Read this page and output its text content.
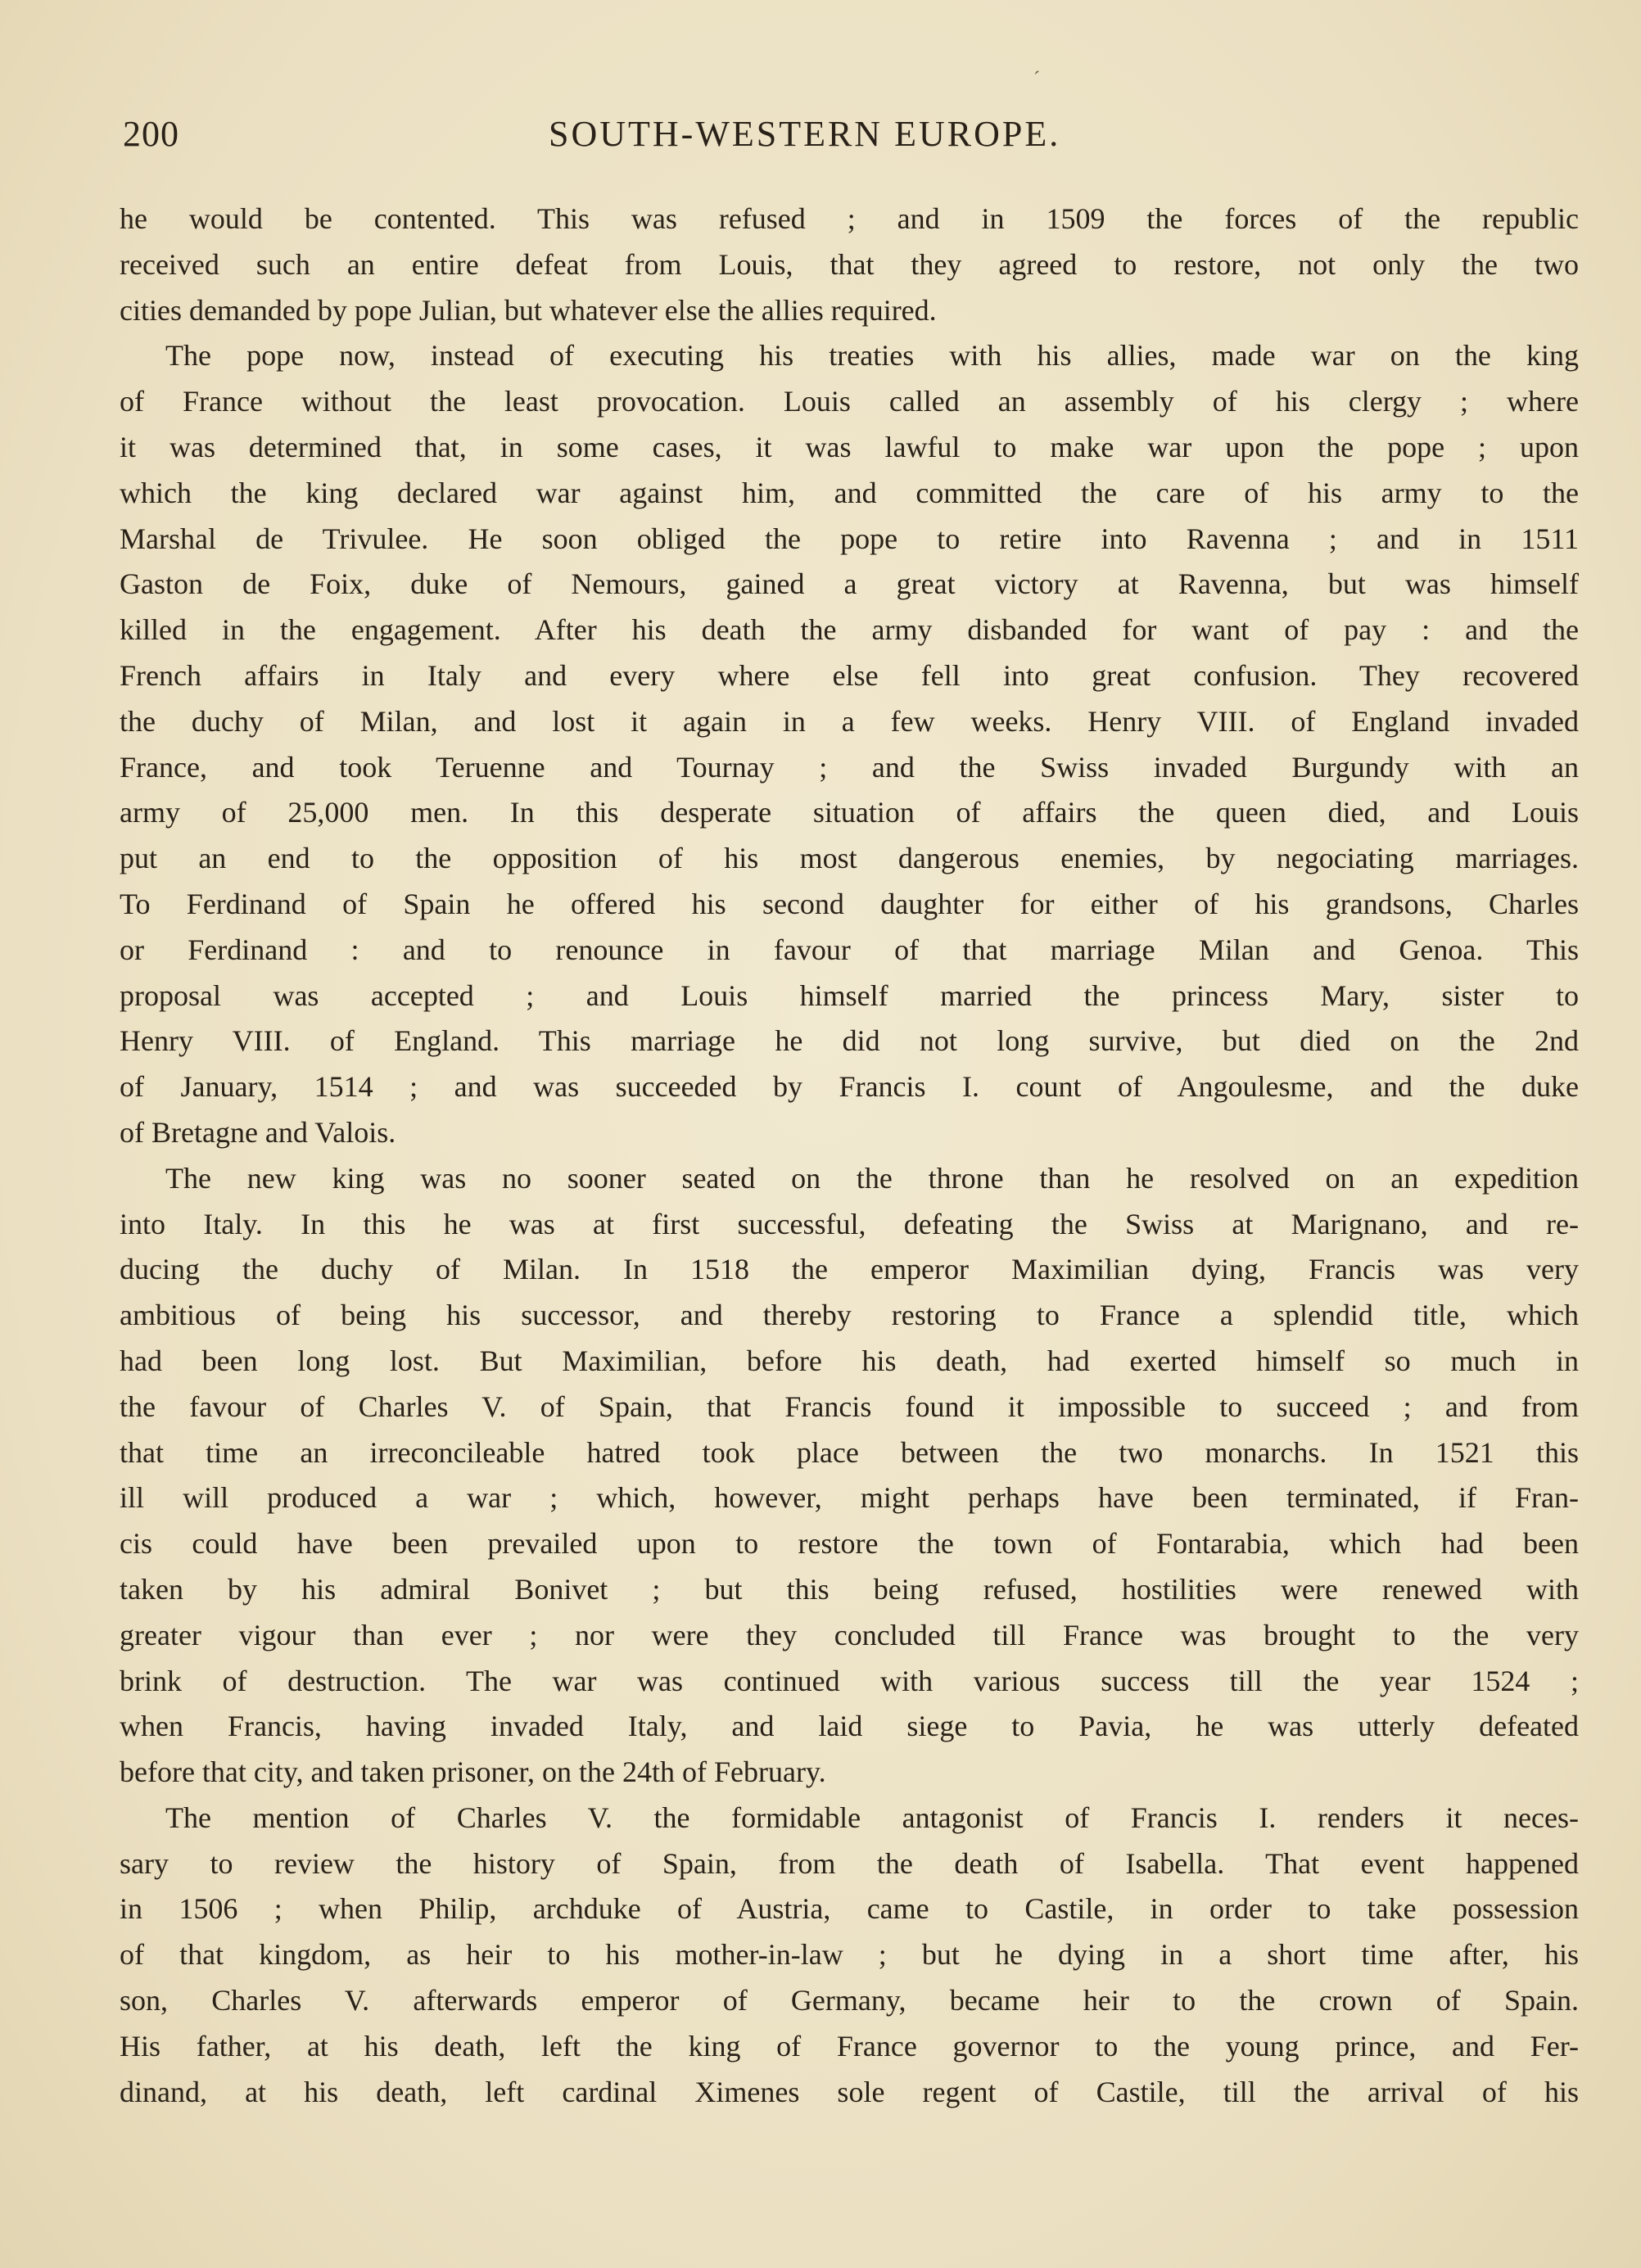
ˊ
200	SOUTH-WESTERN EUROPE.
he would be contented. This was refused ; and in 1509 the forces of the republic
received such an entire defeat from Louis, that they agreed to restore, not only the two
cities demanded by pope Julian, but whatever else the allies required.
The pope now, instead of executing his treaties with his allies, made war on the king
of France without the least provocation. Louis called an assembly of his clergy ; where
it was determined that, in some cases, it was lawful to make war upon the pope ; upon
which the king declared war against him, and committed the care of his army to the
Marshal de Trivulee. He soon obliged the pope to retire into Ravenna ; and in 1511
Gaston de Foix, duke of Nemours, gained a great victory at Ravenna, but was himself
killed in the engagement. After his death the army disbanded for want of pay : and the
French affairs in Italy and every where else fell into great confusion. They recovered
the duchy of Milan, and lost it again in a few weeks. Henry VIII. of England invaded
France, and took Teruenne and Tournay ; and the Swiss invaded Burgundy with an
army of 25,000 men. In this desperate situation of affairs the queen died, and Louis
put an end to the opposition of his most dangerous enemies, by negociating marriages.
To Ferdinand of Spain he offered his second daughter for either of his grandsons, Charles
or Ferdinand : and to renounce in favour of that marriage Milan and Genoa. This
proposal was accepted ; and Louis himself married the princess Mary, sister to
Henry VIII. of England. This marriage he did not long survive, but died on the 2nd
of January, 1514 ; and was succeeded by Francis I. count of Angoulesme, and the duke
of Bretagne and Valois.
The new king was no sooner seated on the throne than he resolved on an expedition
into Italy. In this he was at first successful, defeating the Swiss at Marignano, and re-
ducing the duchy of Milan. In 1518 the emperor Maximilian dying, Francis was very
ambitious of being his successor, and thereby restoring to France a splendid title, which
had been long lost. But Maximilian, before his death, had exerted himself so much in
the favour of Charles V. of Spain, that Francis found it impossible to succeed ; and from
that time an irreconcileable hatred took place between the two monarchs. In 1521 this
ill will produced a war ; which, however, might perhaps have been terminated, if Fran-
cis could have been prevailed upon to restore the town of Fontarabia, which had been
taken by his admiral Bonivet ; but this being refused, hostilities were renewed with
greater vigour than ever ; nor were they concluded till France was brought to the very
brink of destruction. The war was continued with various success till the year 1524 ;
when Francis, having invaded Italy, and laid siege to Pavia, he was utterly defeated
before that city, and taken prisoner, on the 24th of February.
The mention of Charles V. the formidable antagonist of Francis I. renders it neces-
sary to review the history of Spain, from the death of Isabella. That event happened
in 1506 ; when Philip, archduke of Austria, came to Castile, in order to take possession
of that kingdom, as heir to his mother-in-law ; but he dying in a short time after, his
son, Charles V. afterwards emperor of Germany, became heir to the crown of Spain.
His father, at his death, left the king of France governor to the young prince, and Fer-
dinand, at his death, left cardinal Ximenes sole regent of Castile, till the arrival of his
